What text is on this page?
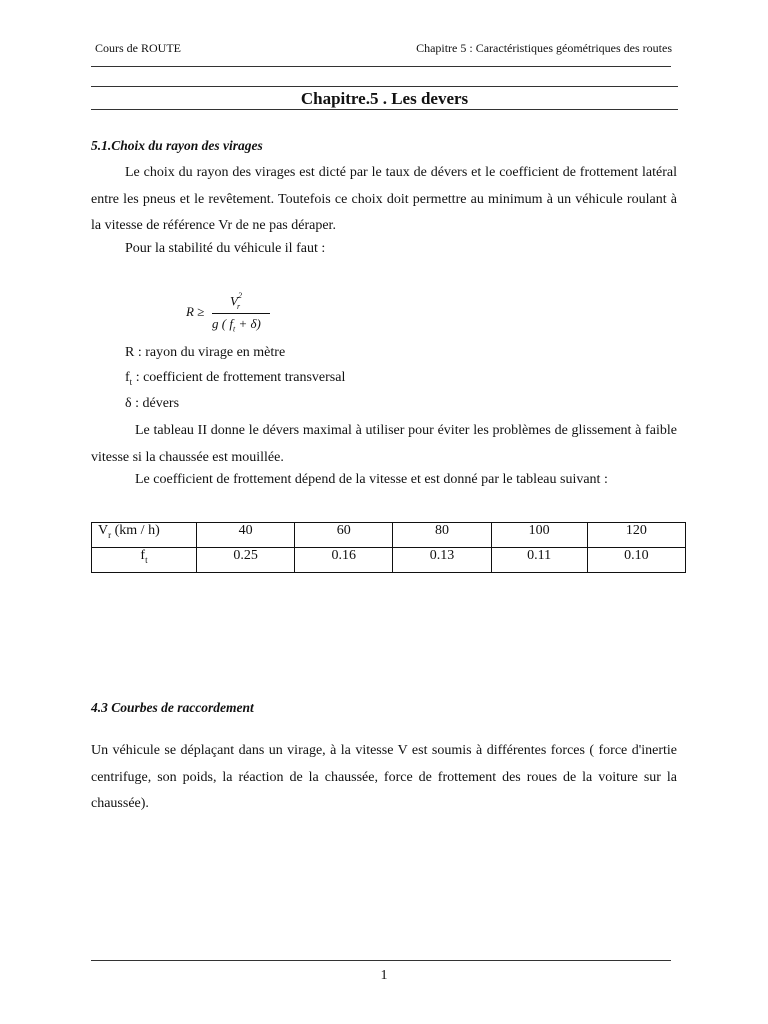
Cours de ROUTE	Chapitre 5 : Caractéristiques géométriques des routes
Chapitre.5 . Les devers
5.1.Choix du rayon des virages
Le choix du rayon des virages est dicté par le taux de dévers et le coefficient de frottement latéral entre les pneus et le revêtement. Toutefois ce choix doit permettre au minimum à un véhicule roulant à la vitesse de référence Vr de ne pas déraper.
Pour la stabilité du véhicule il faut :
R ≥
$V^2_r$
g ( $f_t + \delta$)
R : rayon du virage en mètre
$f_t$ : coefficient de frottement transversal
δ : dévers
Le tableau II donne le dévers maximal à utiliser pour éviter les problèmes de glissement à faible vitesse si la chaussée est mouillée.
Le coefficient de frottement dépend de la vitesse et est donné par le tableau suivant :
$V_r$ (km / h)	40	60	80	100	120
$f_t$	0.25	0.16	0.13	0.11	0.10
4.3 Courbes de raccordement
Un véhicule se déplaçant dans un virage, à la vitesse V est soumis à différentes forces ( force d'inertie centrifuge, son poids, la réaction de la chaussée, force de frottement des roues de la voiture sur la chaussée).
1
